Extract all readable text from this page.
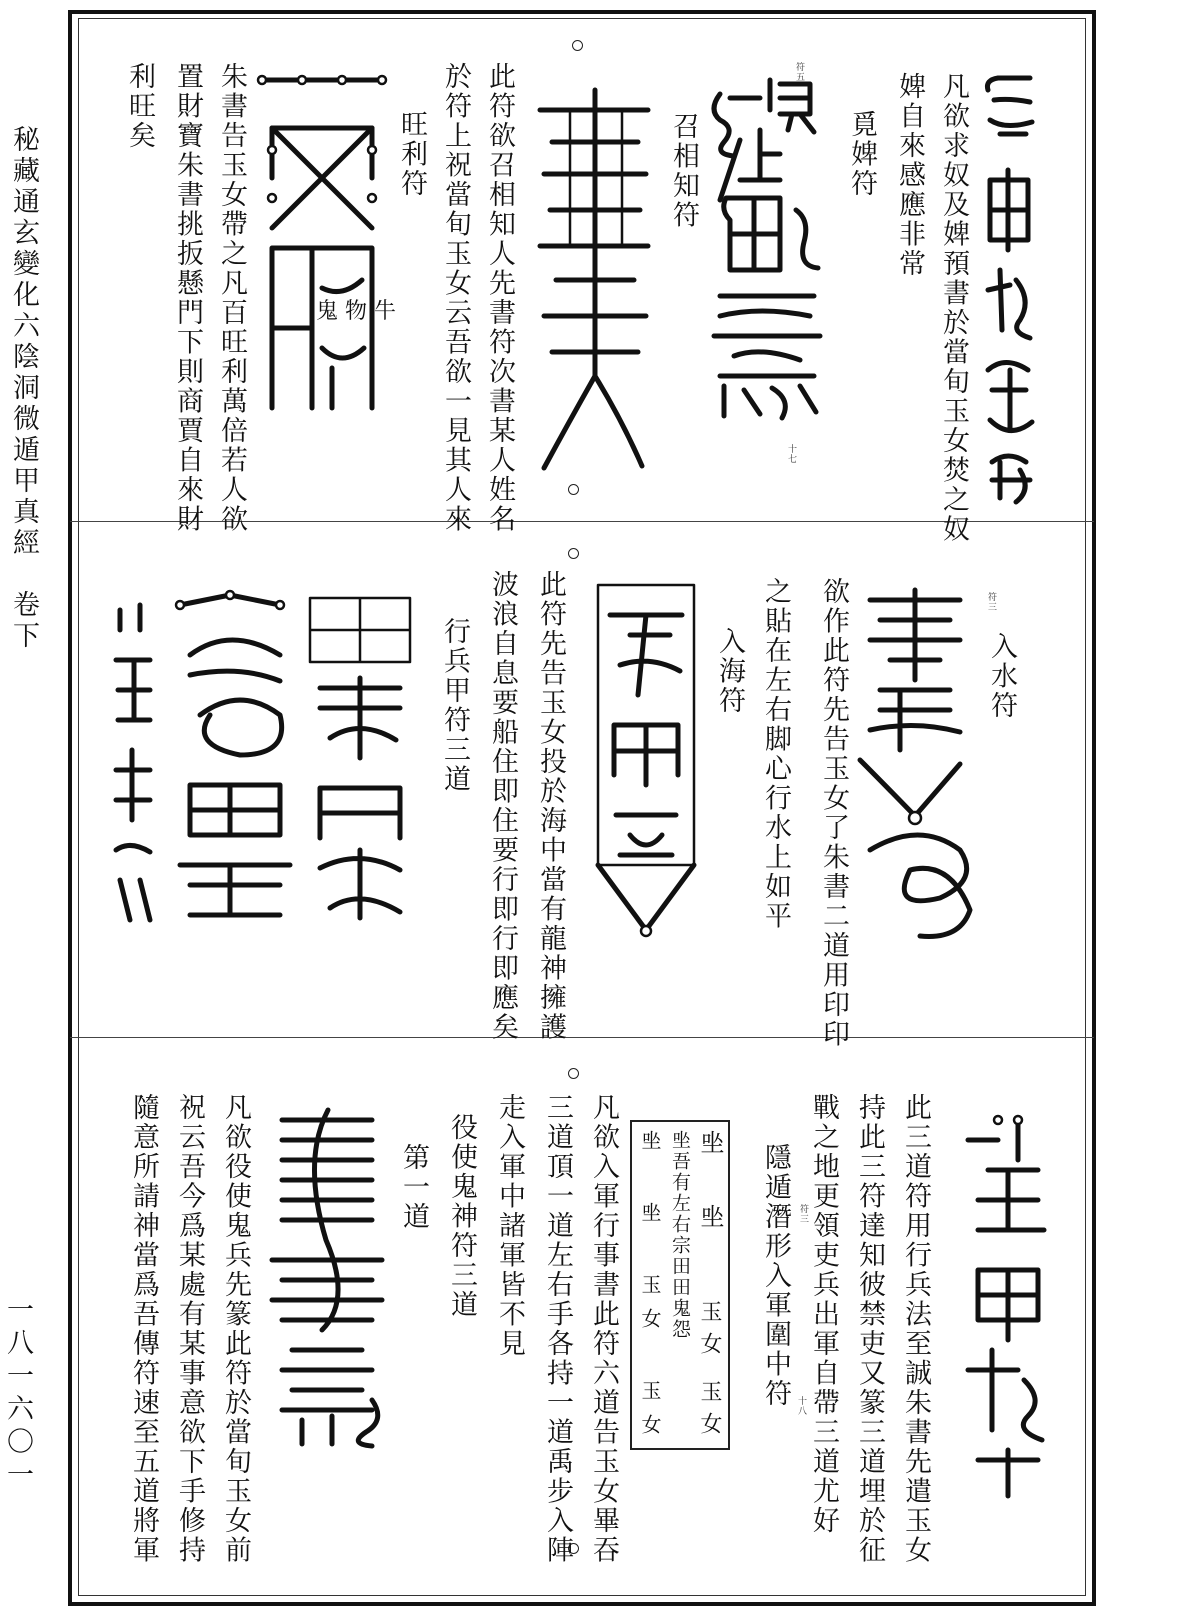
秘藏通玄變化六陰洞微遁甲真經　卷下
一八一六〇一
凡欲求奴及婢預書於當旬玉女焚之奴
婢自來感應非常
覓婢符
符五
十七
召相知符
此符欲召相知人先書符次書某人姓名
於符上祝當旬玉女云吾欲一見其人來
旺利符
朱書告玉女帶之凡百旺利萬倍若人欲
置財寶朱書挑扳懸門下則商賈自來財
利旺矣
鬼 物 牛
入水符
欲作此符先告玉女了朱書二道用印印
之貼在左右脚心行水上如平
入海符
符三
此符先告玉女投於海中當有龍神擁護
波浪自息要船住即住要行即行即應矣
行兵甲符三道
此三道符用行兵法至誠朱書先遣玉女
持此三符達知彼禁吏又篆三道埋於征
戰之地更領吏兵出軍自帶三道尤好
符三
十八
隱遁潛形入軍圍中符
㘴
㘴
玉女
玉女
㘴吾有左右宗田田鬼怨
㘴 㘴 玉女 玉女
凡欲入軍行事書此符六道告玉女畢吞
三道頂一道左右手各持一道禹步入陣
走入軍中諸軍皆不見
役使鬼神符三道
第一道
凡欲役使鬼兵先篆此符於當旬玉女前
祝云吾今爲某處有某事意欲下手修持
隨意所請神當爲吾傳符速至五道將軍
